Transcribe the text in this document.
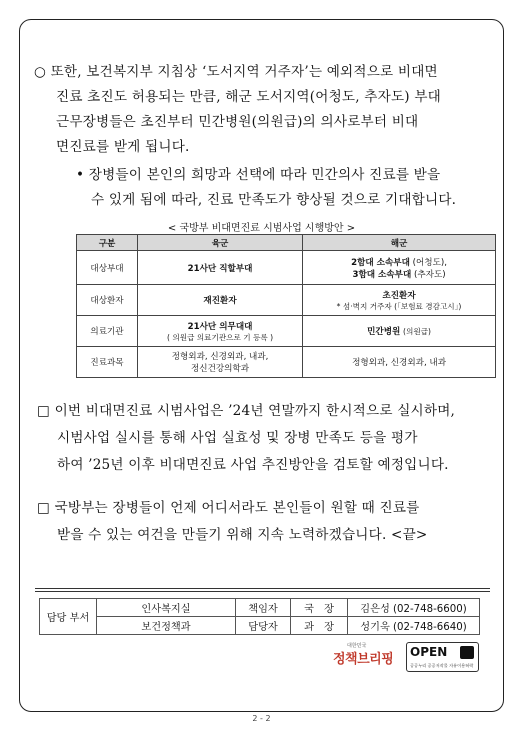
○ 또한, 보건복지부 지침상 ‘도서지역 거주자’는 예외적으로 비대면
진료 초진도 허용되는 만큼, 해군 도서지역(어청도, 추자도) 부대
근무장병들은 초진부터 민간병원(의원급)의 의사로부터 비대
면진료를 받게 됩니다.
• 장병들이 본인의 희망과 선택에 따라 민간의사 진료를 받을
수 있게 됨에 따라, 진료 만족도가 향상될 것으로 기대합니다.
< 국방부 비대면진료 시범사업 시행방안 >
구분	육군	해군
대상부대	21사단 직할부대	2함대 소속부대 (어청도),
3함대 소속부대 (추자도)

대상환자	재진환자	초진환자
* 섬·벽지 거주자 (「보험료 경감고시」)

의료기관	21사단 의무대대
( 의원급 의료기관으로 기 등록 )	민간병원 (의원급)
진료과목	정형외과, 신경외과, 내과,
정신건강의학과	정형외과, 신경외과, 내과
□ 이번 비대면진료 시범사업은 ’24년 연말까지 한시적으로 실시하며,
시범사업 실시를 통해 사업 실효성 및 장병 만족도 등을 평가
하여 ’25년 이후 비대면진료 사업 추진방안을 검토할 예정입니다.
□ 국방부는 장병들이 언제 어디서라도 본인들이 원할 때 진료를
받을 수 있는 여건을 만들기 위해 지속 노력하겠습니다. <끝>
담당 부서	인사복지실	책임자	국　장	김은성 (02-748-6600)
	보건정책과	담당자	과　장	성기욱 (02-748-6640)
대한민국
정책브리핑 OPEN
공공누리 공공저작물 자유이용허락
2 - 2
